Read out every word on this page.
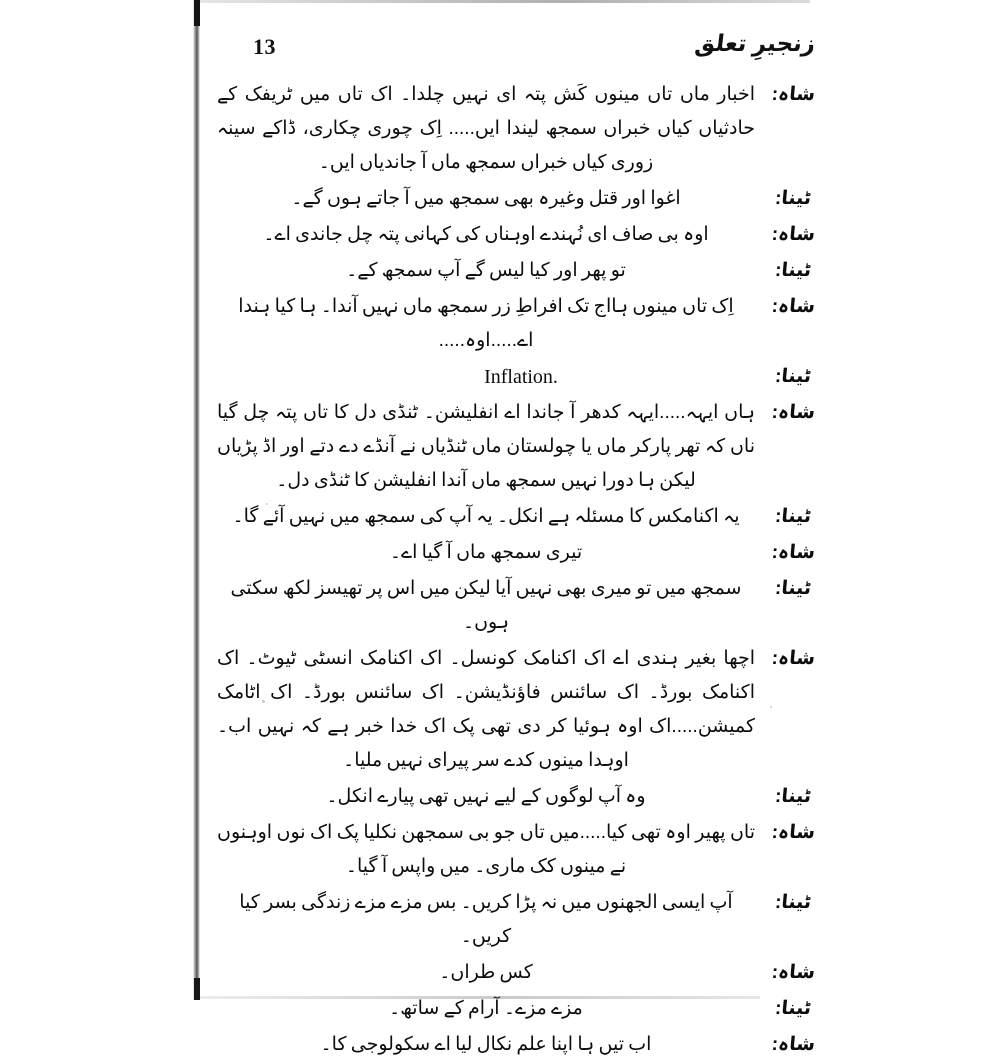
13	زنجیرِ تعلق
شاہ:
اخبار ماں تاں مینوں کَش پتہ ای نہیں چلدا۔ اک تاں میں ٹریفک کے حادثیاں کیاں خبراں سمجھ لیندا ایں..... اِک چوری چکاری، ڈاکے سینہ زوری کیاں خبراں سمجھ ماں آ جاندیاں ایں۔
ٹینا:
اغوا اور قتل وغیرہ بھی سمجھ میں آ جاتے ہوں گے۔
شاہ:
اوہ بی صاف ای نُہندے اوہناں کی کہانی پتہ چل جاندی اے۔
ٹینا:
تو پھر اور کیا لیس گے آپ سمجھ کے۔
شاہ:
اِک تاں مینوں ہااج تک افراطِ زر سمجھ ماں نہیں آندا۔ ہا کیا ہندا اے.....اوہ.....
ٹینا:
Inflation.
شاہ:
ہاں ایہہ.....ایہہ کدھر آ جاندا اے انفلیشن۔ ٹنڈی دل کا تاں پتہ چل گیا ناں کہ تھر پارکر ماں یا چولستان ماں ٹنڈیاں نے آنڈے دے دتے اور اڈ پڑیاں لیکن ہا دورا نہیں سمجھ ماں آندا انفلیشن کا ٹنڈی دل۔
ٹینا:
یہ اکنامکس کا مسئلہ ہے انکل۔ یہ آپ کی سمجھ میں نہیں آئے گا۔
شاہ:
تیری سمجھ ماں آ گیا اے۔
ٹینا:
سمجھ میں تو میری بھی نہیں آیا لیکن میں اس پر تھیسز لکھ سکتی ہوں۔
شاہ:
اچھا بغیر ہندی اے اک اکنامک کونسل۔ اک اکنامک انسٹی ٹیوٹ۔ اک اکنامک بورڈ۔ اک سائنس فاؤنڈیشن۔ اک سائنس بورڈ۔ اک اٹامک کمیشن.....اک اوہ ہوئیا کر دی تھی پک اک خدا خبر ہے کہ نہیں اب۔ اوہدا مینوں کدے سر پیرای نہیں ملیا۔
ٹینا:
وہ آپ لوگوں کے لیے نہیں تھی پیارے انکل۔
شاہ:
تاں پھیر اوہ تھی کیا.....میں تاں جو بی سمجھن نکلیا پک اک نوں اوہنوں نے مینوں کک ماری۔ میں واپس آ گیا۔
ٹینا:
آپ ایسی الجھنوں میں نہ پڑا کریں۔ بس مزے مزے زندگی بسر کیا کریں۔
شاہ:
کس طراں۔
ٹینا:
مزے مزے۔ آرام کے ساتھ۔
شاہ:
اب تیں ہا اپنا علم نکال لیا اے سکولوجی کا۔
